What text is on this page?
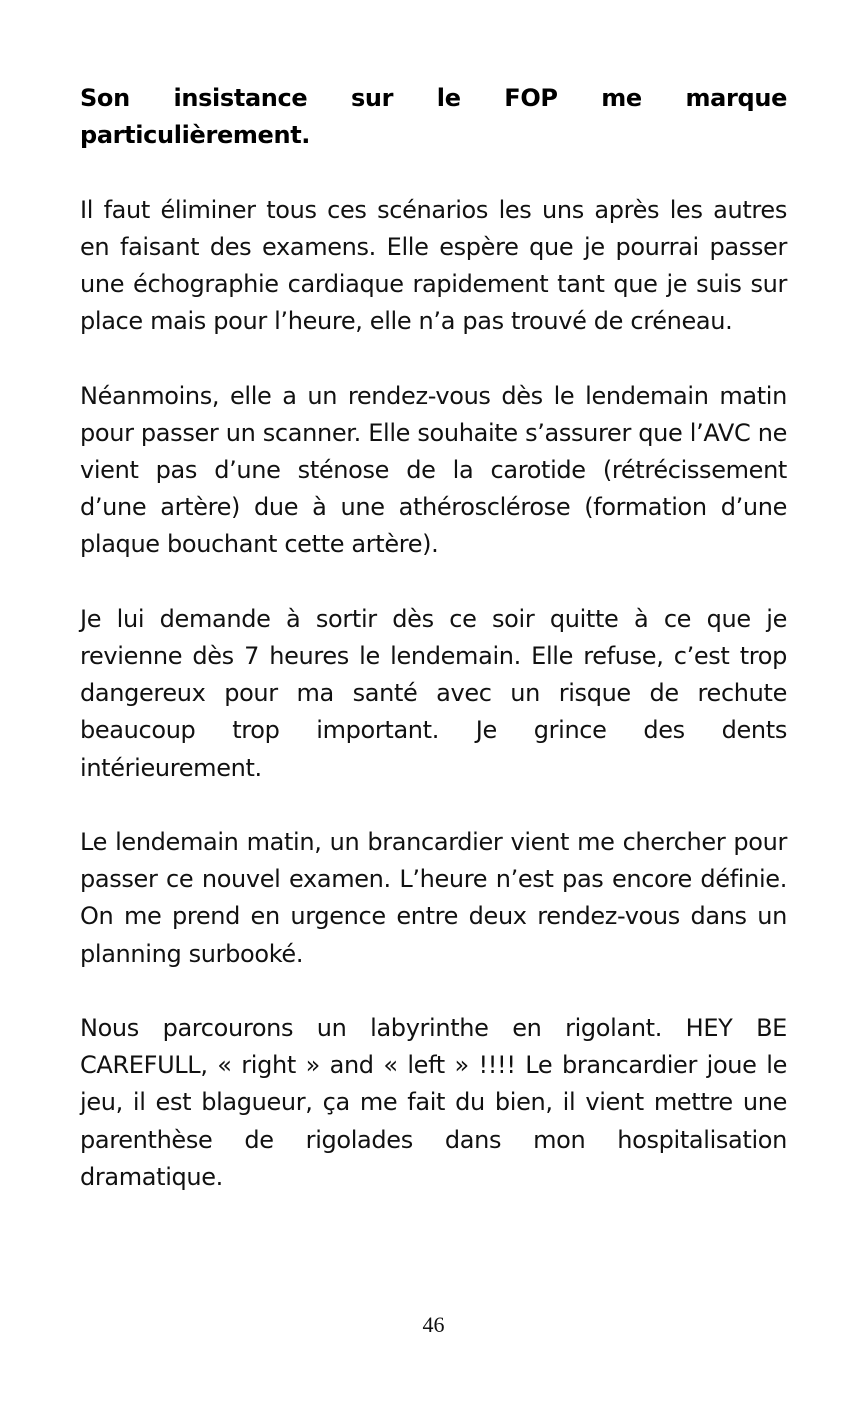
Son insistance sur le FOP me marque particulièrement.

Il faut éliminer tous ces scénarios les uns après les autres en faisant des examens. Elle espère que je pourrai passer une échographie cardiaque rapidement tant que je suis sur place mais pour l’heure, elle n’a pas trouvé de créneau.

Néanmoins, elle a un rendez-vous dès le lendemain matin pour passer un scanner. Elle souhaite s’assurer que l’AVC ne vient pas d’une sténose de la carotide (rétrécissement d’une artère) due à une athérosclérose (formation d’une plaque bouchant cette artère).

Je lui demande à sortir dès ce soir quitte à ce que je revienne dès 7 heures le lendemain. Elle refuse, c’est trop dangereux pour ma santé avec un risque de rechute beaucoup trop important. Je grince des dents intérieurement.

Le lendemain matin, un brancardier vient me chercher pour passer ce nouvel examen. L’heure n’est pas encore définie. On me prend en urgence entre deux rendez-vous dans un planning surbooké.

Nous parcourons un labyrinthe en rigolant. HEY BE CAREFULL, « right » and « left » !!!! Le brancardier joue le jeu, il est blagueur, ça me fait du bien, il vient mettre une parenthèse de rigolades dans mon hospitalisation dramatique.

46
